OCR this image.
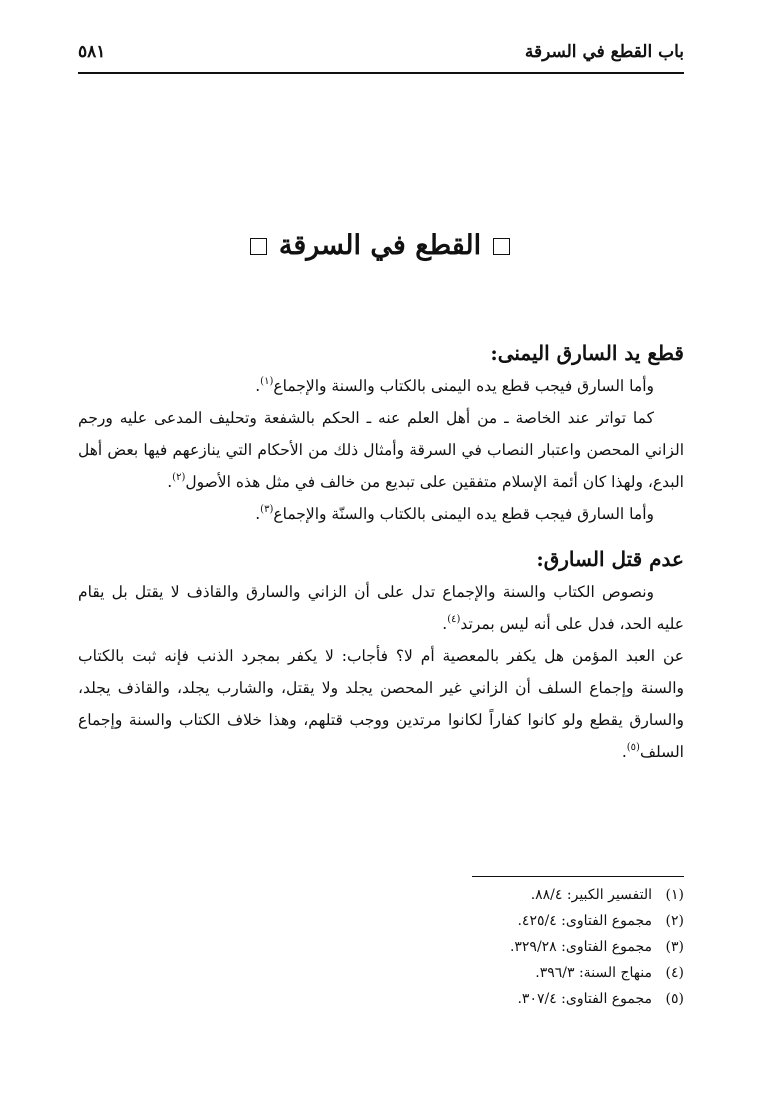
باب القطع في السرقة
٥٨١
القطع في السرقة
قطع يد السارق اليمنى:

وأما السارق فيجب قطع يده اليمنى بالكتاب والسنة والإجماع$^{(١)}$.

كما تواتر عند الخاصة ـ من أهل العلم عنه ـ الحكم بالشفعة وتحليف المدعى عليه ورجم الزاني المحصن واعتبار النصاب في السرقة وأمثال ذلك من الأحكام التي ينازعهم فيها بعض أهل البدع، ولهذا كان أئمة الإسلام متفقين على تبديع من خالف في مثل هذه الأصول$^{(٢)}$.

وأما السارق فيجب قطع يده اليمنى بالكتاب والسنّة والإجماع$^{(٣)}$.

عدم قتل السارق:

ونصوص الكتاب والسنة والإجماع تدل على أن الزاني والسارق والقاذف لا يقتل بل يقام عليه الحد، فدل على أنه ليس بمرتد$^{(٤)}$.

عن العبد المؤمن هل يكفر بالمعصية أم لا؟ فأجاب: لا يكفر بمجرد الذنب فإنه ثبت بالكتاب والسنة وإجماع السلف أن الزاني غير المحصن يجلد ولا يقتل، والشارب يجلد، والقاذف يجلد، والسارق يقطع ولو كانوا كفاراً لكانوا مرتدين ووجب قتلهم، وهذا خلاف الكتاب والسنة وإجماع السلف$^{(٥)}$.

(١)التفسير الكبير: ٨٨/٤.
(٢)مجموع الفتاوى: ٤٢٥/٤.
(٣)مجموع الفتاوى: ٣٢٩/٢٨.
(٤)منهاج السنة: ٣٩٦/٣.
(٥)مجموع الفتاوى: ٣٠٧/٤.
